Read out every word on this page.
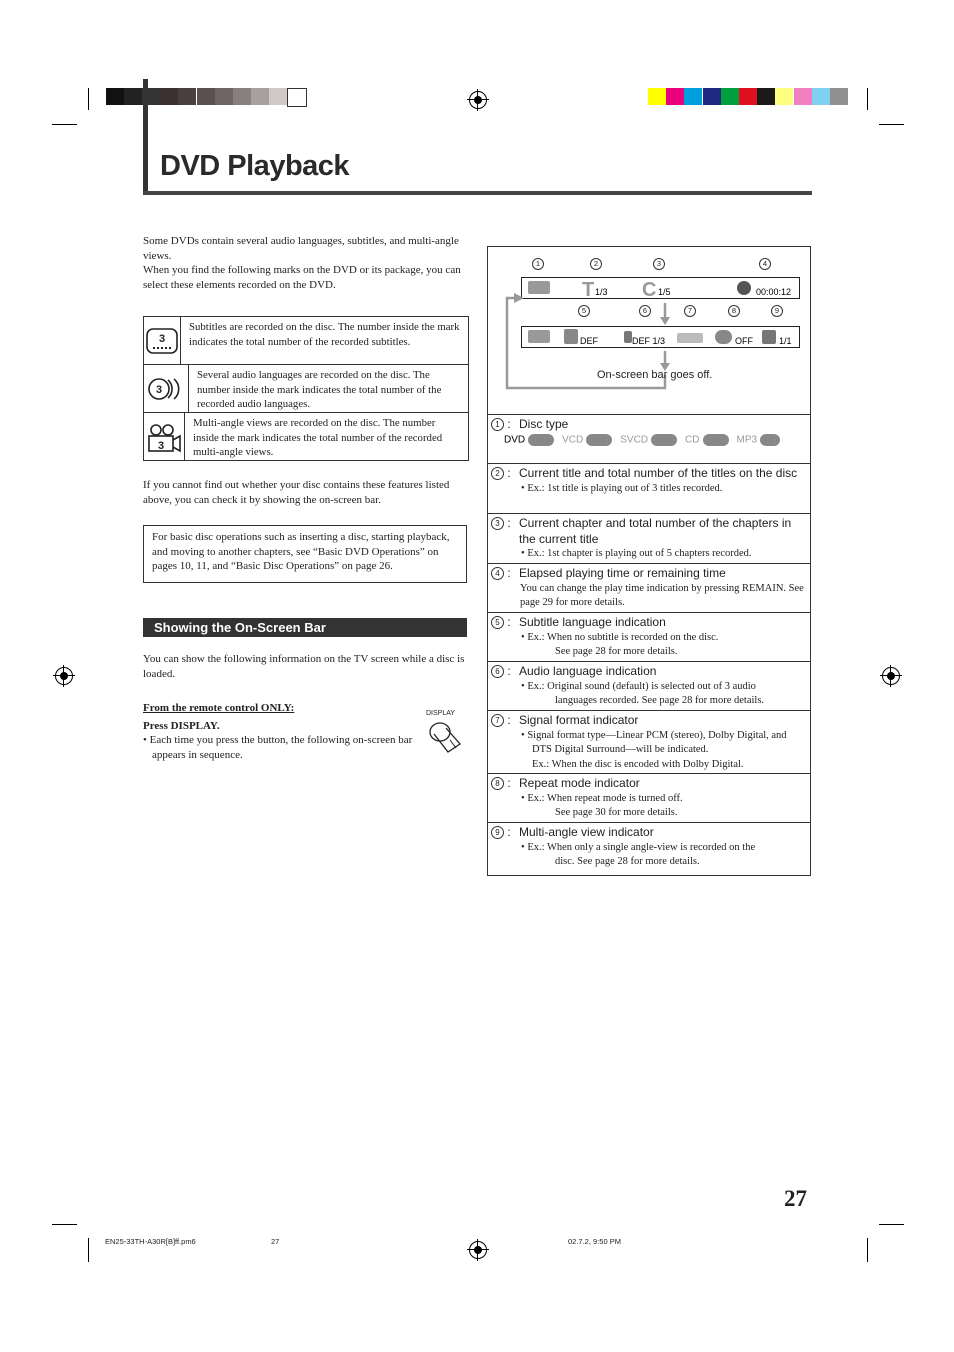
DVD Playback
Some DVDs contain several audio languages, subtitles, and multi-angle views.
When you find the following marks on the DVD or its package, you can select these elements recorded on the DVD.
3
Subtitles are recorded on the disc. The number inside the mark indicates the total number of the recorded subtitles.
3
Several audio languages are recorded on the disc. The number inside the mark indicates the total number of the recorded audio languages.
3
Multi-angle views are recorded on the disc. The number inside the mark indicates the total number of the recorded multi-angle views.
If you cannot find out whether your disc contains these features listed above, you can check it by showing the on-screen bar.
For basic disc operations such as inserting a disc, starting playback, and moving to another chapters, see “Basic DVD Operations” on pages 10, 11, and “Basic Disc Operations” on page 26.
Showing the On-Screen Bar
You can show the following information on the TV screen while a disc is loaded.
From the remote control ONLY:
Press DISPLAY.
• Each time you press the button, the following on-screen bar appears in sequence.
DISPLAY
1	2	3	4
5	6	7	8	9
T 1/3 C 1/5	00:00:12
DEF	DEF 1/3	OFF	1/1
On-screen bar goes off.
1 : Disc type
DVD	VCD	SVCD	CD	MP3
2 : Current title and total number of the titles on the disc
• Ex.: 1st title is playing out of 3 titles recorded.
3 : Current chapter and total number of the chapters in the current title
• Ex.: 1st chapter is playing out of 5 chapters recorded.
4 : Elapsed playing time or remaining time
You can change the play time indication by pressing REMAIN. See page 29 for more details.
5 : Subtitle language indication
• Ex.: When no subtitle is recorded on the disc.
See page 28 for more details.
6 : Audio language indication
• Ex.: Original sound (default) is selected out of 3 audio
languages recorded. See page 28 for more details.
7 : Signal format indicator
• Signal format type—Linear PCM (stereo), Dolby Digital, and DTS Digital Surround—will be indicated.
Ex.: When the disc is encoded with Dolby Digital.
8 : Repeat mode indicator
• Ex.: When repeat mode is turned off.
See page 30 for more details.
9 : Multi-angle view indicator
• Ex.: When only a single angle-view is recorded on the
disc. See page 28 for more details.
27
EN25-33TH-A30R[B]ff.pm6	27	02.7.2, 9:50 PM
